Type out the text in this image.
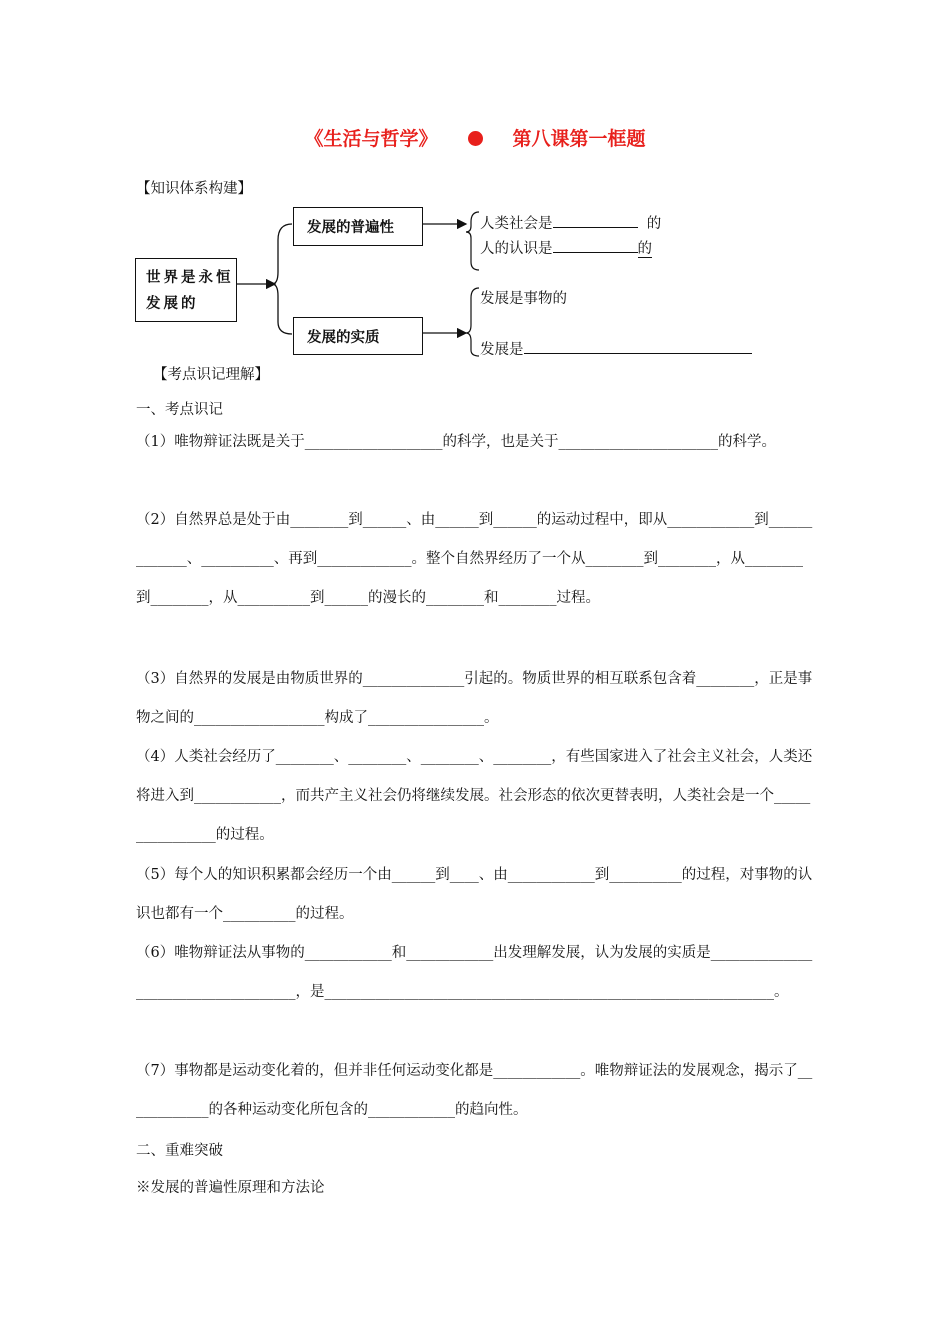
《生活与哲学》	第八课第一框题
【知识体系构建】
世界是永恒发展的
发展的普遍性
发展的实质
人类社会是	的
人的认识是	的
发展是事物的
发展是
【考点识记理解】
一、考点识记
（1）唯物辩证法既是关于___________________的科学，也是关于______________________的科学。
（2）自然界总是处于由________到______、由______到______的运动过程中，即从____________到_____________、__________、再到_____________。整个自然界经历了一个从________到________，从________到________，从__________到______的漫长的________和________过程。
（3）自然界的发展是由物质世界的______________引起的。物质世界的相互联系包含着________，正是事物之间的__________________构成了________________。
（4）人类社会经历了________、________、________、________，有些国家进入了社会主义社会，人类还将进入到____________，而共产主义社会仍将继续发展。社会形态的依次更替表明，人类社会是一个________________的过程。
（5）每个人的知识积累都会经历一个由______到____、由____________到__________的过程，对事物的认识也都有一个__________的过程。
（6）唯物辩证法从事物的____________和____________出发理解发展，认为发展的实质是____________________________________，是______________________________________________________________。
（7）事物都是运动变化着的，但并非任何运动变化都是____________。唯物辩证法的发展观念，揭示了____________的各种运动变化所包含的____________的趋向性。
二、重难突破
※发展的普遍性原理和方法论
